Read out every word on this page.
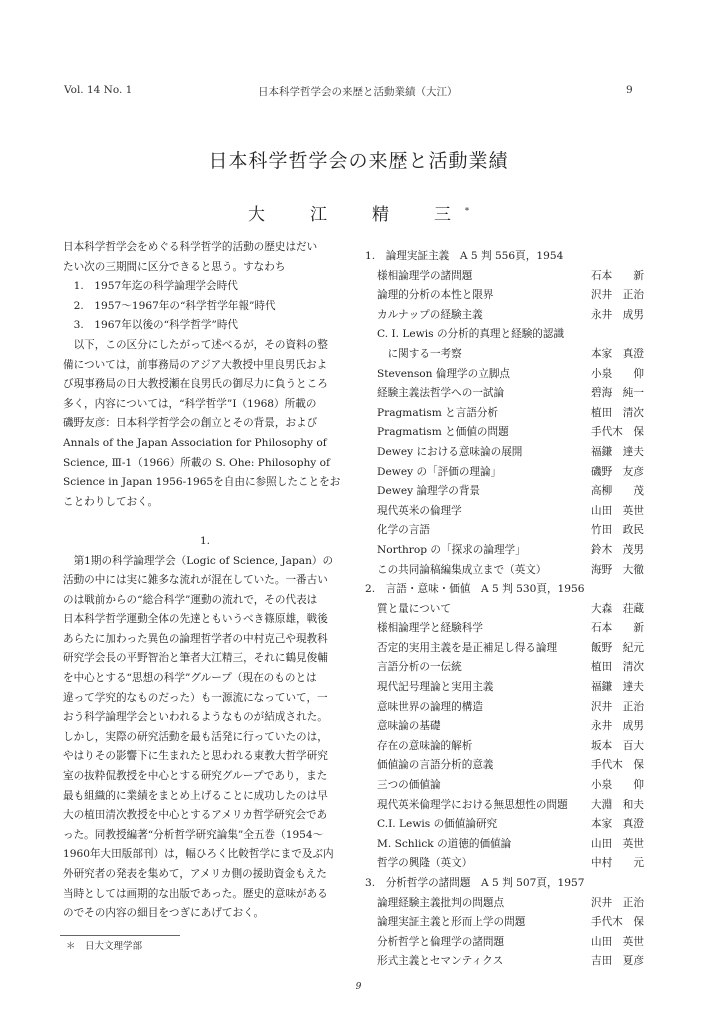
Vol. 14 No. 1	日本科学哲学会の来歴と活動業績（大江）	9
日本科学哲学会の来歴と活動業績
大　江　精　三*
日本科学哲学会をめぐる科学哲学的活動の歴史はだい
たい次の三期間に区分できると思う。すなわち
　1.　1957年迄の科学論理学会時代
　2.　1957〜1967年の“科学哲学年報”時代
　3.　1967年以後の“科学哲学”時代
　以下，この区分にしたがって述べるが，その資料の整
備については，前事務局のアジア大教授中里良男氏およ
び現事務局の日大教授瀬在良男氏の御尽力に負うところ
多く，内容については，“科学哲学”Ⅰ（1968）所載の
磯野友彦：日本科学哲学会の創立とその背景，および
Annals of the Japan Association for Philosophy of
Science, Ⅲ-1（1966）所載の S. Ohe: Philosophy of
Science in Japan 1956-1965を自由に参照したことをお
ことわりしておく。
1.
　第1期の科学論理学会（Logic of Science, Japan）の
活動の中には実に雑多な流れが混在していた。一番古い
のは戦前からの“総合科学”運動の流れで，その代表は
日本科学哲学運動全体の先達ともいうべき篠原雄，戦後
あらたに加わった異色の論理哲学者の中村克己や現教科
研究学会長の平野智治と筆者大江精三，それに鶴見俊輔
を中心とする“思想の科学”グループ（現在のものとは
違って学究的なものだった）も一源流になっていて，一
おう科学論理学会といわれるようなものが結成された。
しかし，実際の研究活動を最も活発に行っていたのは，
やはりその影響下に生まれたと思われる東教大哲学研究
室の抜粋侃教授を中心とする研究グループであり，また
最も組織的に業績をまとめ上げることに成功したのは早
大の植田清次教授を中心とするアメリカ哲学研究会であ
った。同教授編著“分析哲学研究論集”全五巻（1954〜
1960年大田版部刊）は，幅ひろく比較哲学にまで及ぶ内
外研究者の発表を集めて，アメリカ側の援助資金もえた
当時としては画期的な出版であった。歴史的意味がある
のでその内容の細目をつぎにあげておく。
1.　論理実証主義　A 5 判 556頁，1954
様相論理学の諸問題	石本　　新
論理的分析の本性と限界	沢井　正治
カルナップの経験主義	永井　成男
C. I. Lewis の分析的真理と経験的認識
　に関する一考察	本家　真澄
Stevenson 倫理学の立脚点	小泉　　仰
経験主義法哲学への一試論	碧海　純一
Pragmatism と言語分析	植田　清次
Pragmatism と価値の問題	手代木　保
Dewey における意味論の展開	福鎌　達夫
Dewey の「評価の理論」	磯野　友彦
Dewey 論理学の背景	高柳　　茂
現代英米の倫理学	山田　英世
化学の言語	竹田　政民
Northrop の「探求の論理学」	鈴木　茂男
この共同論稿編集成立まで（英文）	海野　大徹
2.　言語・意味・価値　A 5 判 530頁，1956
質と量について	大森　荘蔵
様相論理学と経験科学	石本　　新
否定的実用主義を是正補足し得る論理	飯野　紀元
言語分析の一伝統	植田　清次
現代記号理論と実用主義	福鎌　達夫
意味世界の論理的構造	沢井　正治
意味論の基礎	永井　成男
存在の意味論的解析	坂本　百大
価値論の言語分析的意義	手代木　保
三つの価値論	小泉　　仰
現代英米倫理学における無思想性の問題 大淵　和夫
C.I. Lewis の価値論研究	本家　真澄
M. Schlick の道徳的価値論	山田　英世
哲学の興隆（英文）	中村　　元
3.　分析哲学の諸問題　A 5 判 507頁，1957
論理経験主義批判の問題点	沢井　正治
論理実証主義と形而上学の問題	手代木　保
分析哲学と倫理学の諸問題	山田　英世
形式主義とセマンティクス	吉田　夏彦
＊　日大文理学部
9
